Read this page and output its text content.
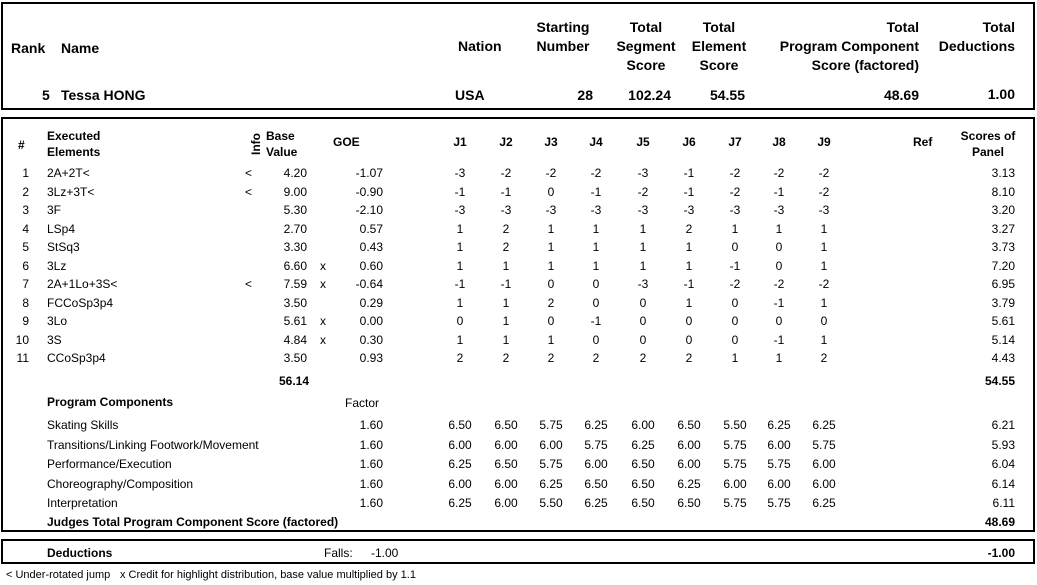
Rank Name	Nation
Starting
Number
Total
Segment
Score
Total
Element
Score
Total
Program Component
Score (factored)
Total
Deductions
5 Tessa HONG	USA	28	102.24	54.55	48.69	1.00
#
Executed
Elements	Info Base
Value
GOE	J1	J2	J3	J4	J5	J6	J7	J8	J9	Ref	Scores of
Panel
1 2A+2T<	<	4.20	-1.07	-3	-2	-2	-2	-3	-1	-2	-2	-2	3.13
2 3Lz+3T<	<	9.00	-0.90	-1	-1	0	-1	-2	-1	-2	-1	-2	8.10
3 3F	5.30	-2.10	-3	-3	-3	-3	-3	-3	-3	-3	-3	3.20
4 LSp4	2.70	0.57	1	2	1	1	1	2	1	1	1	3.27
5 StSq3	3.30	0.43	1	2	1	1	1	1	0	0	1	3.73
6 3Lz	6.60 x	0.60	1	1	1	1	1	1	-1	0	1	7.20
7 2A+1Lo+3S<	<	7.59 x	-0.64	-1	-1	0	0	-3	-1	-2	-2	-2	6.95
8 FCCoSp3p4	3.50	0.29	1	1	2	0	0	1	0	-1	1	3.79
9 3Lo	5.61 x	0.00	0	1	0	-1	0	0	0	0	0	5.61
10 3S	4.84 x	0.30	1	1	1	0	0	0	0	-1	1	5.14
11 CCoSp3p4	3.50	0.93	2	2	2	2	2	2	1	1	2	4.43
56.14	54.55
Program Components	Factor
Skating Skills	1.60	6.50	6.50	5.75	6.25	6.00	6.50	5.50	6.25	6.25	6.21
Transitions/Linking Footwork/Movement	1.60	6.00	6.00	6.00	5.75	6.25	6.00	5.75	6.00	5.75	5.93
Performance/Execution	1.60	6.25	6.50	5.75	6.00	6.50	6.00	5.75	5.75	6.00	6.04
Choreography/Composition	1.60	6.00	6.00	6.25	6.50	6.50	6.25	6.00	6.00	6.00	6.14
Interpretation	1.60	6.25	6.00	5.50	6.25	6.50	6.50	5.75	5.75	6.25	6.11
Judges Total Program Component Score (factored)	48.69
Deductions	Falls: -1.00	-1.00
< Under-rotated jump x Credit for highlight distribution, base value multiplied by 1.1
